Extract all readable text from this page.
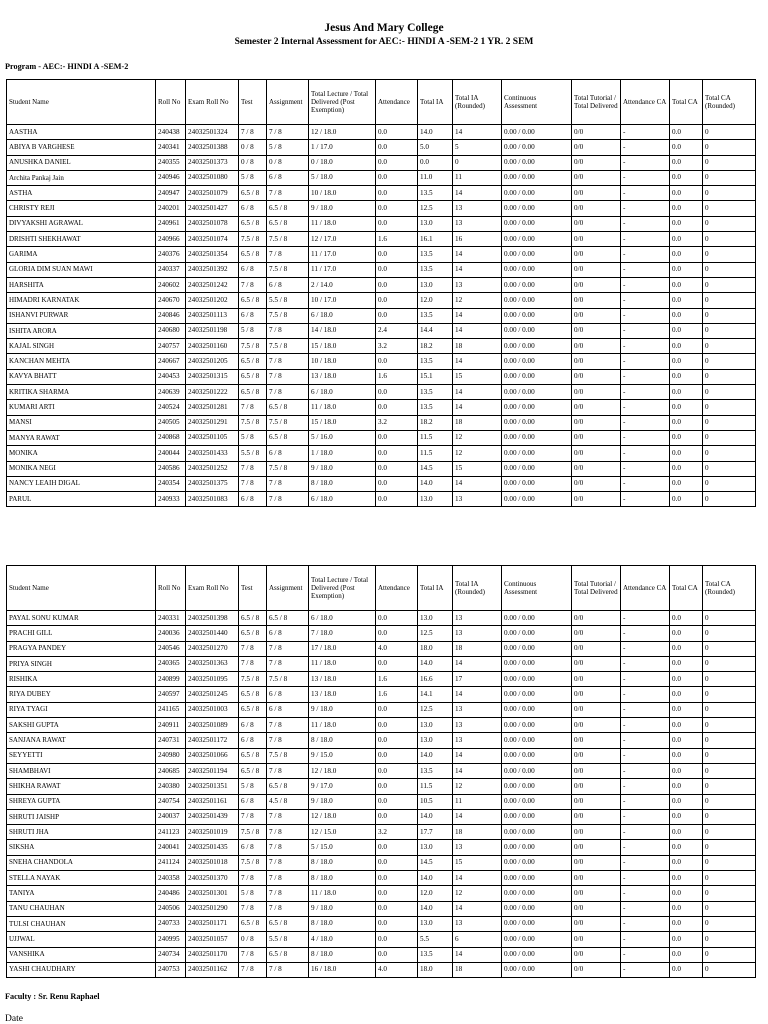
Jesus And Mary College
Semester 2 Internal Assessment for AEC:- HINDI A -SEM-2 1 YR. 2 SEM
Program - AEC:- HINDI A -SEM-2
Student Name	Roll No	Exam Roll No	Test	Assignment	Total Lecture / Total Delivered (Post Exemption)	Attendance	Total IA	Total IA (Rounded)	Continuous Assessment	Total Tutorial / Total Delivered	Attendance CA	Total CA	Total CA (Rounded)
AASTHA	240438	24032501324	7 / 8	7 / 8	12 / 18.0	0.0	14.0	14	0.00 / 0.00	0/0	-	0.0	0
ABIYA B VARGHESE	240341	24032501388	0 / 8	5 / 8	1 / 17.0	0.0	5.0	5	0.00 / 0.00	0/0	-	0.0	0
ANUSHKA DANIEL	240355	24032501373	0 / 8	0 / 8	0 / 18.0	0.0	0.0	0	0.00 / 0.00	0/0	-	0.0	0
Archita Pankaj Jain	240946	24032501080	5 / 8	6 / 8	5 / 18.0	0.0	11.0	11	0.00 / 0.00	0/0	-	0.0	0
ASTHA	240947	24032501079	6.5 / 8	7 / 8	10 / 18.0	0.0	13.5	14	0.00 / 0.00	0/0	-	0.0	0
CHRISTY REJI	240201	24032501427	6 / 8	6.5 / 8	9 / 18.0	0.0	12.5	13	0.00 / 0.00	0/0	-	0.0	0
DIVYAKSHI AGRAWAL	240961	24032501078	6.5 / 8	6.5 / 8	11 / 18.0	0.0	13.0	13	0.00 / 0.00	0/0	-	0.0	0
DRISHTI SHEKHAWAT	240966	24032501074	7.5 / 8	7.5 / 8	12 / 17.0	1.6	16.1	16	0.00 / 0.00	0/0	-	0.0	0
GARIMA	240376	24032501354	6.5 / 8	7 / 8	11 / 17.0	0.0	13.5	14	0.00 / 0.00	0/0	-	0.0	0
GLORIA DIM SUAN MAWI	240337	24032501392	6 / 8	7.5 / 8	11 / 17.0	0.0	13.5	14	0.00 / 0.00	0/0	-	0.0	0
HARSHITA	240602	24032501242	7 / 8	6 / 8	2 / 14.0	0.0	13.0	13	0.00 / 0.00	0/0	-	0.0	0
HIMADRI KARNATAK	240670	24032501202	6.5 / 8	5.5 / 8	10 / 17.0	0.0	12.0	12	0.00 / 0.00	0/0	-	0.0	0
ISHANVI PURWAR	240846	24032501113	6 / 8	7.5 / 8	6 / 18.0	0.0	13.5	14	0.00 / 0.00	0/0	-	0.0	0
ISHITA ARORA	240680	24032501198	5 / 8	7 / 8	14 / 18.0	2.4	14.4	14	0.00 / 0.00	0/0	-	0.0	0
KAJAL SINGH	240757	24032501160	7.5 / 8	7.5 / 8	15 / 18.0	3.2	18.2	18	0.00 / 0.00	0/0	-	0.0	0
KANCHAN MEHTA	240667	24032501205	6.5 / 8	7 / 8	10 / 18.0	0.0	13.5	14	0.00 / 0.00	0/0	-	0.0	0
KAVYA BHATT	240453	24032501315	6.5 / 8	7 / 8	13 / 18.0	1.6	15.1	15	0.00 / 0.00	0/0	-	0.0	0
KRITIKA SHARMA	240639	24032501222	6.5 / 8	7 / 8	6 / 18.0	0.0	13.5	14	0.00 / 0.00	0/0	-	0.0	0
KUMARI ARTI	240524	24032501281	7 / 8	6.5 / 8	11 / 18.0	0.0	13.5	14	0.00 / 0.00	0/0	-	0.0	0
MANSI	240505	24032501291	7.5 / 8	7.5 / 8	15 / 18.0	3.2	18.2	18	0.00 / 0.00	0/0	-	0.0	0
MANYA RAWAT	240868	24032501105	5 / 8	6.5 / 8	5 / 16.0	0.0	11.5	12	0.00 / 0.00	0/0	-	0.0	0
MONIKA	240044	24032501433	5.5 / 8	6 / 8	1 / 18.0	0.0	11.5	12	0.00 / 0.00	0/0	-	0.0	0
MONIKA NEGI	240586	24032501252	7 / 8	7.5 / 8	9 / 18.0	0.0	14.5	15	0.00 / 0.00	0/0	-	0.0	0
NANCY LEAIH DIGAL	240354	24032501375	7 / 8	7 / 8	8 / 18.0	0.0	14.0	14	0.00 / 0.00	0/0	-	0.0	0
PARUL	240933	24032501083	6 / 8	7 / 8	6 / 18.0	0.0	13.0	13	0.00 / 0.00	0/0	-	0.0	0
Student Name	Roll No	Exam Roll No	Test	Assignment	Total Lecture / Total Delivered (Post Exemption)	Attendance	Total IA	Total IA (Rounded)	Continuous Assessment	Total Tutorial / Total Delivered	Attendance CA	Total CA	Total CA (Rounded)
PAYAL SONU KUMAR	240331	24032501398	6.5 / 8	6.5 / 8	6 / 18.0	0.0	13.0	13	0.00 / 0.00	0/0	-	0.0	0
PRACHI GILL	240036	24032501440	6.5 / 8	6 / 8	7 / 18.0	0.0	12.5	13	0.00 / 0.00	0/0	-	0.0	0
PRAGYA PANDEY	240546	24032501270	7 / 8	7 / 8	17 / 18.0	4.0	18.0	18	0.00 / 0.00	0/0	-	0.0	0
PRIYA SINGH	240365	24032501363	7 / 8	7 / 8	11 / 18.0	0.0	14.0	14	0.00 / 0.00	0/0	-	0.0	0
RISHIKA	240899	24032501095	7.5 / 8	7.5 / 8	13 / 18.0	1.6	16.6	17	0.00 / 0.00	0/0	-	0.0	0
RIYA DUBEY	240597	24032501245	6.5 / 8	6 / 8	13 / 18.0	1.6	14.1	14	0.00 / 0.00	0/0	-	0.0	0
RIYA TYAGI	241165	24032501003	6.5 / 8	6 / 8	9 / 18.0	0.0	12.5	13	0.00 / 0.00	0/0	-	0.0	0
SAKSHI GUPTA	240911	24032501089	6 / 8	7 / 8	11 / 18.0	0.0	13.0	13	0.00 / 0.00	0/0	-	0.0	0
SANJANA RAWAT	240731	24032501172	6 / 8	7 / 8	8 / 18.0	0.0	13.0	13	0.00 / 0.00	0/0	-	0.0	0
SEYYETTI	240980	24032501066	6.5 / 8	7.5 / 8	9 / 15.0	0.0	14.0	14	0.00 / 0.00	0/0	-	0.0	0
SHAMBHAVI	240685	24032501194	6.5 / 8	7 / 8	12 / 18.0	0.0	13.5	14	0.00 / 0.00	0/0	-	0.0	0
SHIKHA RAWAT	240380	24032501351	5 / 8	6.5 / 8	9 / 17.0	0.0	11.5	12	0.00 / 0.00	0/0	-	0.0	0
SHREYA GUPTA	240754	24032501161	6 / 8	4.5 / 8	9 / 18.0	0.0	10.5	11	0.00 / 0.00	0/0	-	0.0	0
SHRUTI JAISHP	240037	24032501439	7 / 8	7 / 8	12 / 18.0	0.0	14.0	14	0.00 / 0.00	0/0	-	0.0	0
SHRUTI JHA	241123	24032501019	7.5 / 8	7 / 8	12 / 15.0	3.2	17.7	18	0.00 / 0.00	0/0	-	0.0	0
SIKSHA	240041	24032501435	6 / 8	7 / 8	5 / 15.0	0.0	13.0	13	0.00 / 0.00	0/0	-	0.0	0
SNEHA CHANDOLA	241124	24032501018	7.5 / 8	7 / 8	8 / 18.0	0.0	14.5	15	0.00 / 0.00	0/0	-	0.0	0
STELLA NAYAK	240358	24032501370	7 / 8	7 / 8	8 / 18.0	0.0	14.0	14	0.00 / 0.00	0/0	-	0.0	0
TANIYA	240486	24032501301	5 / 8	7 / 8	11 / 18.0	0.0	12.0	12	0.00 / 0.00	0/0	-	0.0	0
TANU CHAUHAN	240506	24032501290	7 / 8	7 / 8	9 / 18.0	0.0	14.0	14	0.00 / 0.00	0/0	-	0.0	0
TULSI CHAUHAN	240733	24032501171	6.5 / 8	6.5 / 8	8 / 18.0	0.0	13.0	13	0.00 / 0.00	0/0	-	0.0	0
UJJWAL	240995	24032501057	0 / 8	5.5 / 8	4 / 18.0	0.0	5.5	6	0.00 / 0.00	0/0	-	0.0	0
VANSHIKA	240734	24032501170	7 / 8	6.5 / 8	8 / 18.0	0.0	13.5	14	0.00 / 0.00	0/0	-	0.0	0
YASHI CHAUDHARY	240753	24032501162	7 / 8	7 / 8	16 / 18.0	4.0	18.0	18	0.00 / 0.00	0/0	-	0.0	0
Faculty : Sr. Renu Raphael
Date
